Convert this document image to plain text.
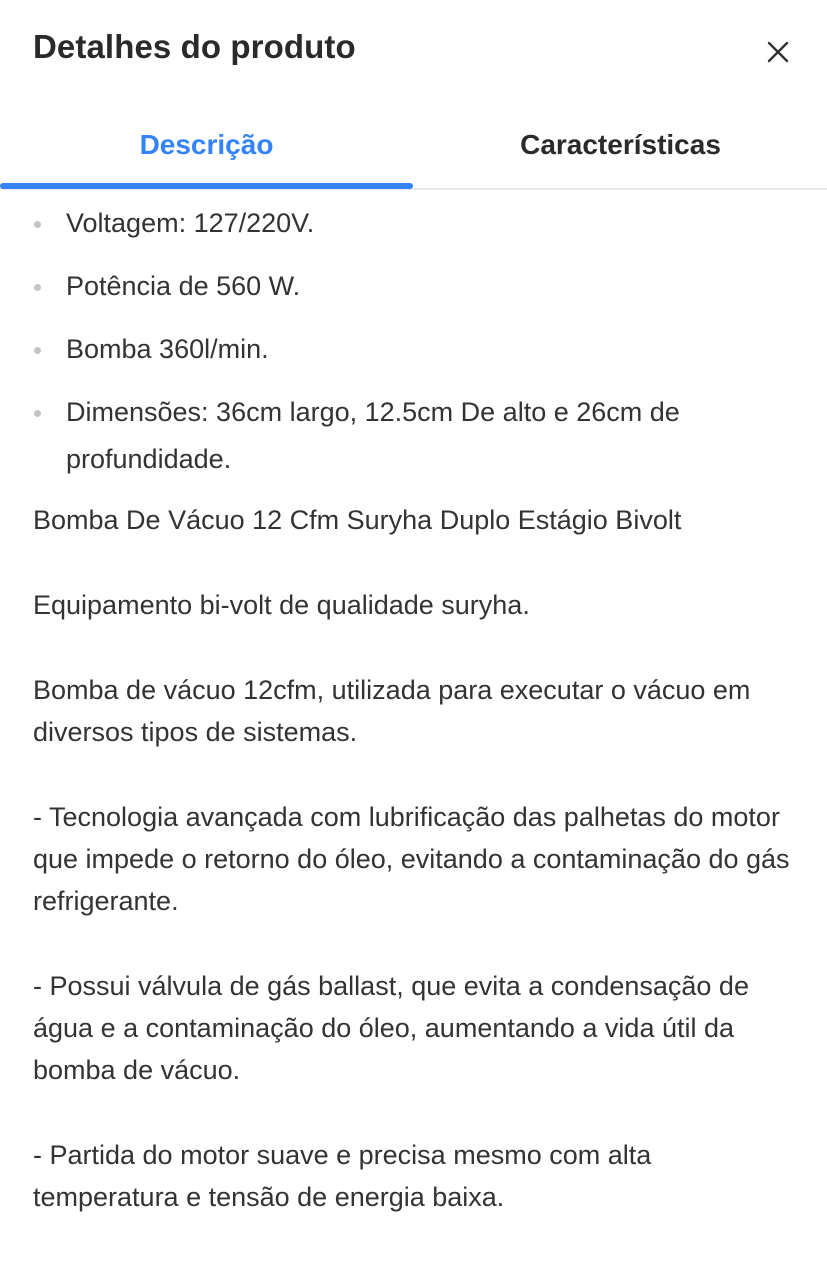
Detalhes do produto
Descrição	Características
Voltagem: 127/220V.
Potência de 560 W.
Bomba 360l/min.
Dimensões: 36cm largo, 12.5cm De alto e 26cm de profundidade.

Bomba De Vácuo 12 Cfm Suryha Duplo Estágio Bivolt

Equipamento bi-volt de qualidade suryha.

Bomba de vácuo 12cfm, utilizada para executar o vácuo em diversos tipos de sistemas.

- Tecnologia avançada com lubrificação das palhetas do motor que impede o retorno do óleo, evitando a contaminação do gás refrigerante.

- Possui válvula de gás ballast, que evita a condensação de água e a contaminação do óleo, aumentando a vida útil da bomba de vácuo.

- Partida do motor suave e precisa mesmo com alta temperatura e tensão de energia baixa.
